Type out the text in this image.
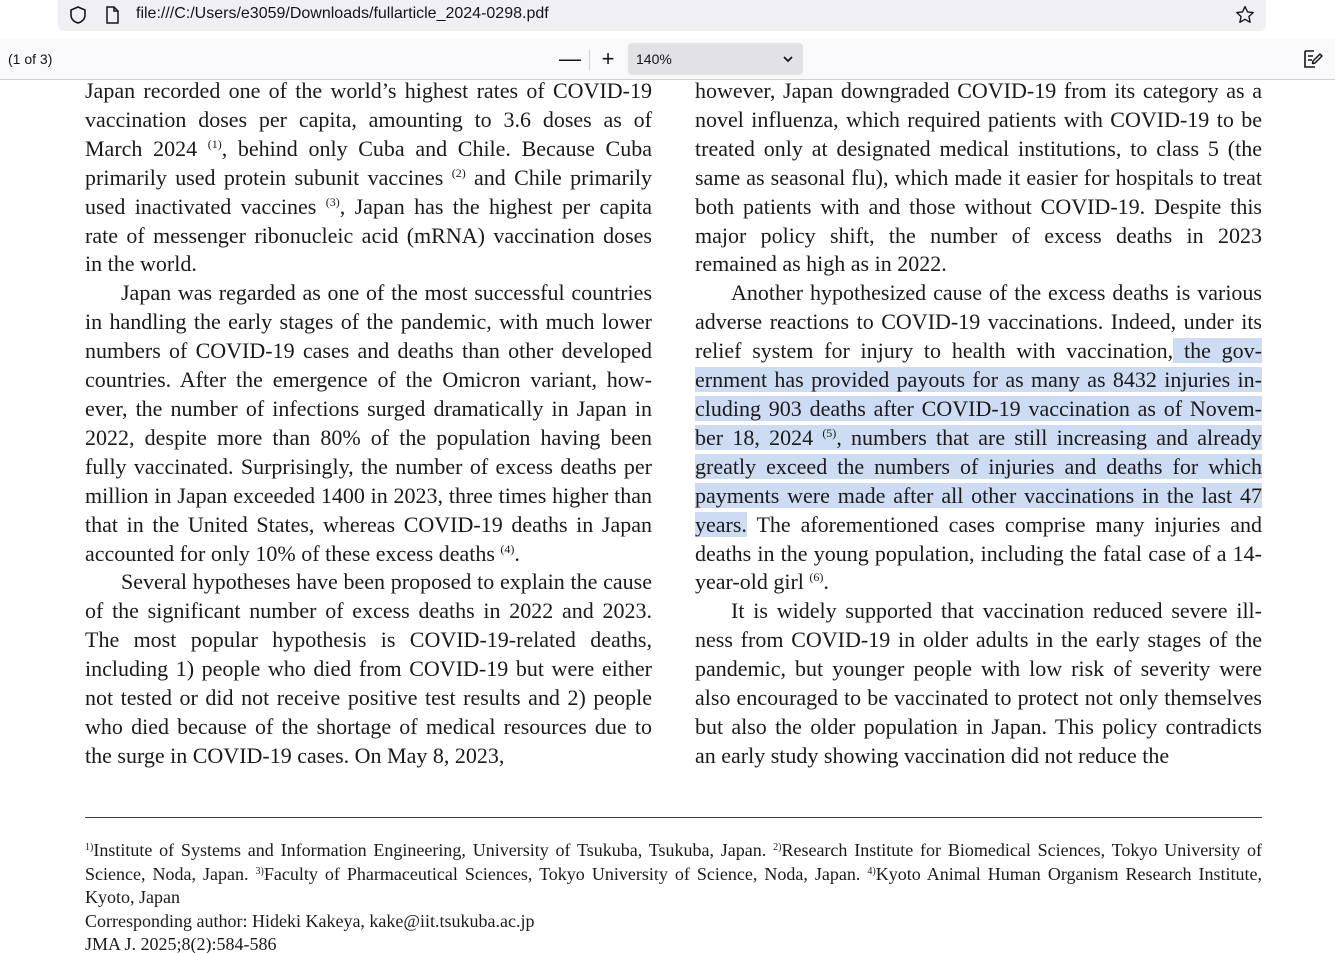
file:///C:/Users/e3059/Downloads/fullarticle_2024-0298.pdf
(1 of 3)	— +	140%

Japan recorded one of the world’s highest rates of COVID-19 vaccination doses per capita, amounting to 3.6 doses as of March 2024 $^{(1)}$, behind only Cuba and Chile. Because Cuba primarily used protein subunit vaccines $^{(2)}$ and Chile primarily used inactivated vaccines $^{(3)}$, Japan has the highest per capita rate of messenger ribonucleic acid (mRNA) vaccination doses in the world.

Japan was regarded as one of the most successful countries in handling the early stages of the pandemic, with much lower numbers of COVID-19 cases and deaths than other developed countries. After the emergence of the Omicron variant, however, the number of infections surged dramatically in Japan in 2022, despite more than 80% of the population having been fully vaccinated. Surprisingly, the number of excess deaths per million in Japan exceeded 1400 in 2023, three times higher than that in the United States, whereas COVID-19 deaths in Japan accounted for only 10% of these excess deaths $^{(4)}$.

Several hypotheses have been proposed to explain the cause of the significant number of excess deaths in 2022 and 2023. The most popular hypothesis is COVID-19-related deaths, including 1) people who died from COVID-19 but were either not tested or did not receive positive test results and 2) people who died because of the shortage of medical resources due to the surge in COVID-19 cases. On May 8, 2023,

however, Japan downgraded COVID-19 from its category as a novel influenza, which required patients with COVID-19 to be treated only at designated medical institutions, to class 5 (the same as seasonal flu), which made it easier for hospitals to treat both patients with and those without COVID-19. Despite this major policy shift, the number of excess deaths in 2023 remained as high as in 2022.

Another hypothesized cause of the excess deaths is various adverse reactions to COVID-19 vaccinations. Indeed, under its relief system for injury to health with vaccination, the government has provided payouts for as many as 8432 injuries including 903 deaths after COVID-19 vaccination as of November 18, 2024 $^{(5)}$, numbers that are still increasing and already greatly exceed the numbers of injuries and deaths for which payments were made after all other vaccinations in the last 47 years. The aforementioned cases comprise many injuries and deaths in the young population, including the fatal case of a 14-year-old girl $^{(6)}$.

It is widely supported that vaccination reduced severe illness from COVID-19 in older adults in the early stages of the pandemic, but younger people with low risk of severity were also encouraged to be vaccinated to protect not only themselves but also the older population in Japan. This policy contradicts an early study showing vaccination did not reduce the

$^{1)}$Institute of Systems and Information Engineering, University of Tsukuba, Tsukuba, Japan. $^{2)}$Research Institute for Biomedical Sciences, Tokyo University of Science, Noda, Japan. $^{3)}$Faculty of Pharmaceutical Sciences, Tokyo University of Science, Noda, Japan. $^{4)}$Kyoto Animal Human Organism Research Institute, Kyoto, Japan
Corresponding author: Hideki Kakeya, kake@iit.tsukuba.ac.jp
JMA J. 2025;8(2):584-586
